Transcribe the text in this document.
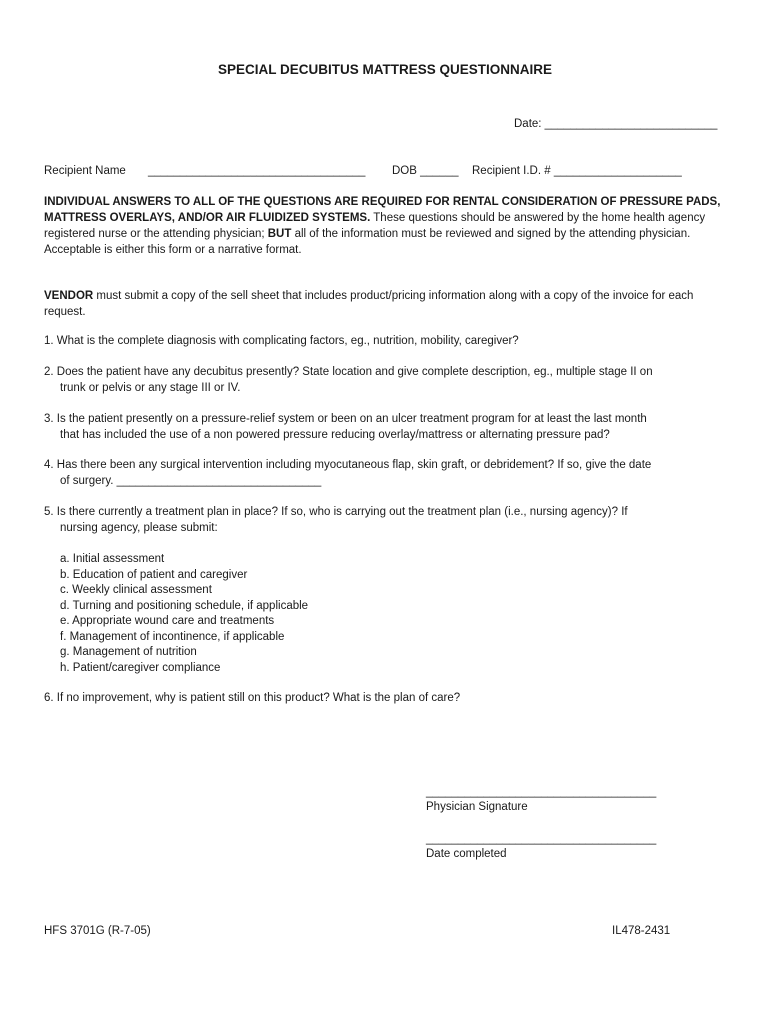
SPECIAL DECUBITUS MATTRESS QUESTIONNAIRE
Date: ___________________________
Recipient Name __________________________________ DOB ______ Recipient I.D. # ____________________
INDIVIDUAL ANSWERS TO ALL OF THE QUESTIONS ARE REQUIRED FOR RENTAL CONSIDERATION OF PRESSURE PADS, MATTRESS OVERLAYS, AND/OR AIR FLUIDIZED SYSTEMS. These questions should be answered by the home health agency registered nurse or the attending physician; BUT all of the information must be reviewed and signed by the attending physician. Acceptable is either this form or a narrative format.
VENDOR must submit a copy of the sell sheet that includes product/pricing information along with a copy of the invoice for each request.
1. What is the complete diagnosis with complicating factors, eg., nutrition, mobility, caregiver?
2. Does the patient have any decubitus presently? State location and give complete description, eg., multiple stage II on
trunk or pelvis or any stage III or IV.
3. Is the patient presently on a pressure-relief system or been on an ulcer treatment program for at least the last month
that has included the use of a non powered pressure reducing overlay/mattress or alternating pressure pad?
4. Has there been any surgical intervention including myocutaneous flap, skin graft, or debridement? If so, give the date
of surgery. ________________________________
5. Is there currently a treatment plan in place? If so, who is carrying out the treatment plan (i.e., nursing agency)? If
nursing agency, please submit:
a. Initial assessment
b. Education of patient and caregiver
c. Weekly clinical assessment
d. Turning and positioning schedule, if applicable
e. Appropriate wound care and treatments
f. Management of incontinence, if applicable
g. Management of nutrition
h. Patient/caregiver compliance
6. If no improvement, why is patient still on this product? What is the plan of care?
____________________________________
Physician Signature
____________________________________
Date completed
HFS 3701G (R-7-05)	IL478-2431
